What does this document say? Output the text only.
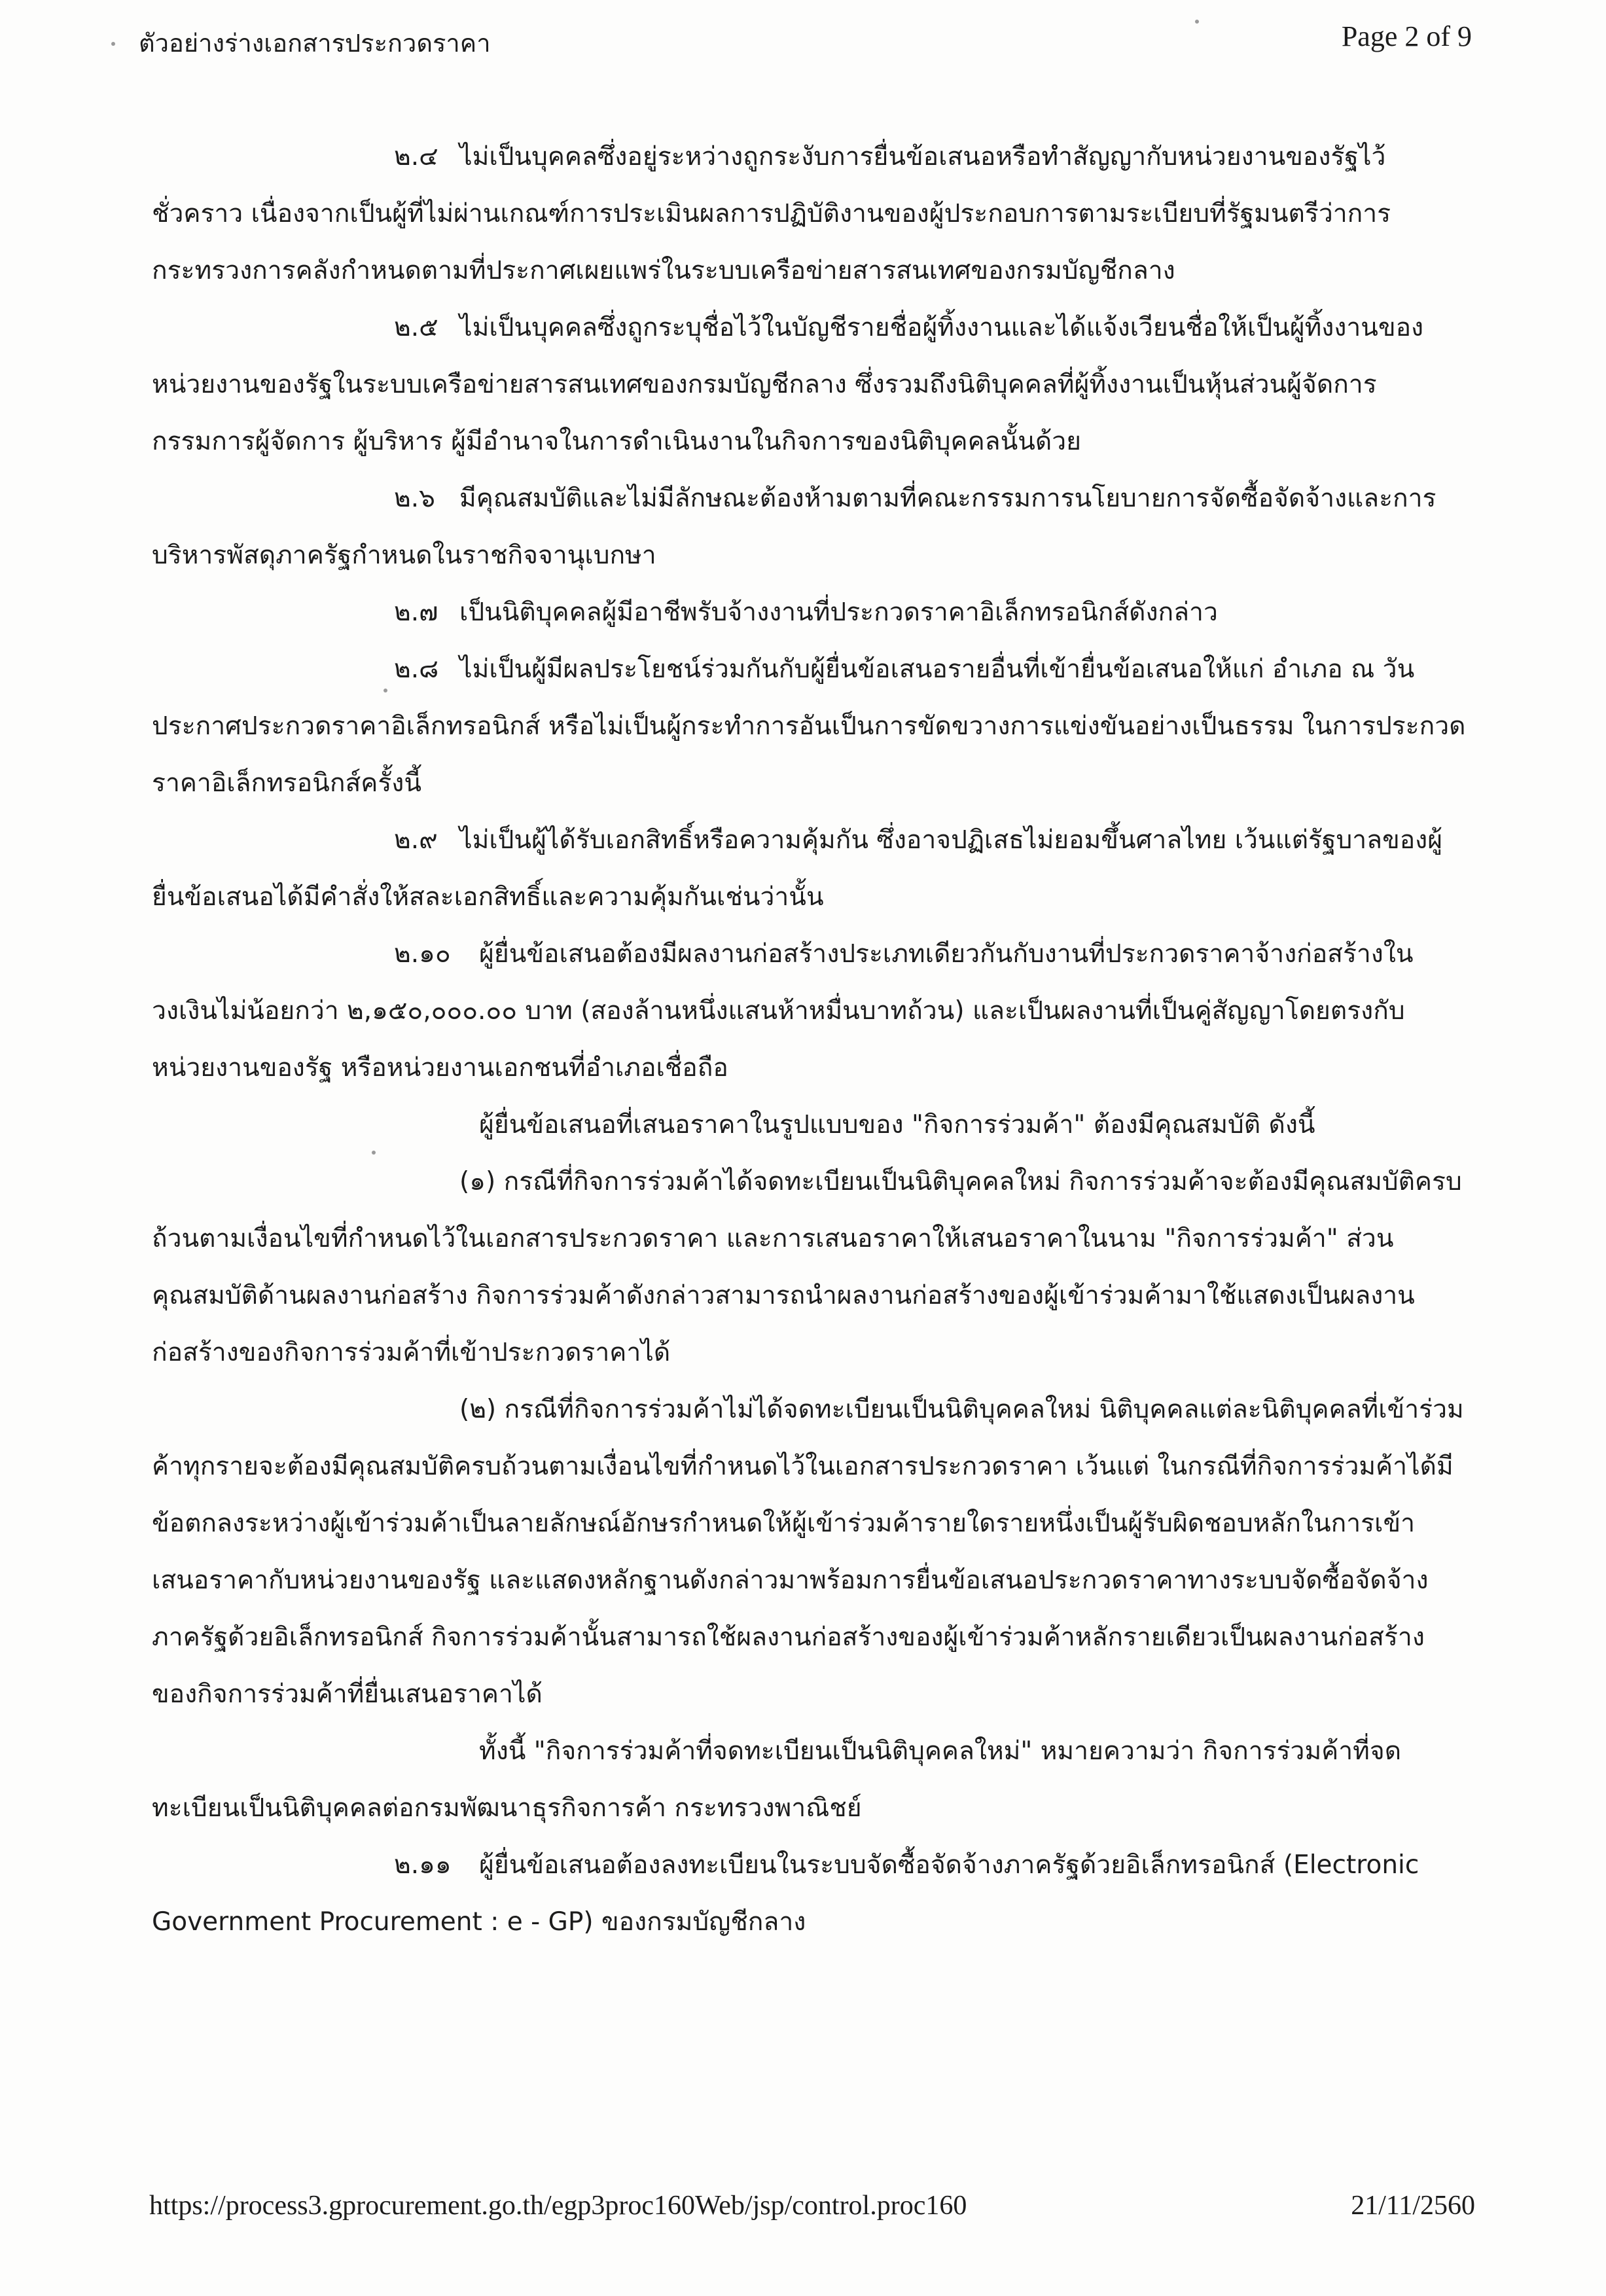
ตัวอย่างร่างเอกสารประกวดราคา	Page 2 of 9

๒.๔ ไม่เป็นบุคคลซึ่งอยู่ระหว่างถูกระงับการยื่นข้อเสนอหรือทำสัญญากับหน่วยงานของรัฐไว้ชั่วคราว เนื่องจากเป็นผู้ที่ไม่ผ่านเกณฑ์การประเมินผลการปฏิบัติงานของผู้ประกอบการตามระเบียบที่รัฐมนตรีว่าการกระทรวงการคลังกำหนดตามที่ประกาศเผยแพร่ในระบบเครือข่ายสารสนเทศของกรมบัญชีกลาง

๒.๕ ไม่เป็นบุคคลซึ่งถูกระบุชื่อไว้ในบัญชีรายชื่อผู้ทิ้งงานและได้แจ้งเวียนชื่อให้เป็นผู้ทิ้งงานของหน่วยงานของรัฐในระบบเครือข่ายสารสนเทศของกรมบัญชีกลาง ซึ่งรวมถึงนิติบุคคลที่ผู้ทิ้งงานเป็นหุ้นส่วนผู้จัดการ กรรมการผู้จัดการ ผู้บริหาร ผู้มีอำนาจในการดำเนินงานในกิจการของนิติบุคคลนั้นด้วย

๒.๖ มีคุณสมบัติและไม่มีลักษณะต้องห้ามตามที่คณะกรรมการนโยบายการจัดซื้อจัดจ้างและการบริหารพัสดุภาครัฐกำหนดในราชกิจจานุเบกษา

๒.๗ เป็นนิติบุคคลผู้มีอาชีพรับจ้างงานที่ประกวดราคาอิเล็กทรอนิกส์ดังกล่าว

๒.๘ ไม่เป็นผู้มีผลประโยชน์ร่วมกันกับผู้ยื่นข้อเสนอรายอื่นที่เข้ายื่นข้อเสนอให้แก่ อำเภอ ณ วันประกาศประกวดราคาอิเล็กทรอนิกส์ หรือไม่เป็นผู้กระทำการอันเป็นการขัดขวางการแข่งขันอย่างเป็นธรรม ในการประกวดราคาอิเล็กทรอนิกส์ครั้งนี้

๒.๙ ไม่เป็นผู้ได้รับเอกสิทธิ์หรือความคุ้มกัน ซึ่งอาจปฏิเสธไม่ยอมขึ้นศาลไทย เว้นแต่รัฐบาลของผู้ยื่นข้อเสนอได้มีคำสั่งให้สละเอกสิทธิ์และความคุ้มกันเช่นว่านั้น

๒.๑๐ ผู้ยื่นข้อเสนอต้องมีผลงานก่อสร้างประเภทเดียวกันกับงานที่ประกวดราคาจ้างก่อสร้างในวงเงินไม่น้อยกว่า ๒,๑๕๐,๐๐๐.๐๐ บาท (สองล้านหนึ่งแสนห้าหมื่นบาทถ้วน) และเป็นผลงานที่เป็นคู่สัญญาโดยตรงกับหน่วยงานของรัฐ หรือหน่วยงานเอกชนที่อำเภอเชื่อถือ

ผู้ยื่นข้อเสนอที่เสนอราคาในรูปแบบของ "กิจการร่วมค้า" ต้องมีคุณสมบัติ ดังนี้

(๑) กรณีที่กิจการร่วมค้าได้จดทะเบียนเป็นนิติบุคคลใหม่ กิจการร่วมค้าจะต้องมีคุณสมบัติครบถ้วนตามเงื่อนไขที่กำหนดไว้ในเอกสารประกวดราคา และการเสนอราคาให้เสนอราคาในนาม "กิจการร่วมค้า" ส่วนคุณสมบัติด้านผลงานก่อสร้าง กิจการร่วมค้าดังกล่าวสามารถนำผลงานก่อสร้างของผู้เข้าร่วมค้ามาใช้แสดงเป็นผลงานก่อสร้างของกิจการร่วมค้าที่เข้าประกวดราคาได้

(๒) กรณีที่กิจการร่วมค้าไม่ได้จดทะเบียนเป็นนิติบุคคลใหม่ นิติบุคคลแต่ละนิติบุคคลที่เข้าร่วมค้าทุกรายจะต้องมีคุณสมบัติครบถ้วนตามเงื่อนไขที่กำหนดไว้ในเอกสารประกวดราคา เว้นแต่ ในกรณีที่กิจการร่วมค้าได้มีข้อตกลงระหว่างผู้เข้าร่วมค้าเป็นลายลักษณ์อักษรกำหนดให้ผู้เข้าร่วมค้ารายใดรายหนึ่งเป็นผู้รับผิดชอบหลักในการเข้าเสนอราคากับหน่วยงานของรัฐ และแสดงหลักฐานดังกล่าวมาพร้อมการยื่นข้อเสนอประกวดราคาทางระบบจัดซื้อจัดจ้างภาครัฐด้วยอิเล็กทรอนิกส์ กิจการร่วมค้านั้นสามารถใช้ผลงานก่อสร้างของผู้เข้าร่วมค้าหลักรายเดียวเป็นผลงานก่อสร้างของกิจการร่วมค้าที่ยื่นเสนอราคาได้

ทั้งนี้ "กิจการร่วมค้าที่จดทะเบียนเป็นนิติบุคคลใหม่" หมายความว่า กิจการร่วมค้าที่จดทะเบียนเป็นนิติบุคคลต่อกรมพัฒนาธุรกิจการค้า กระทรวงพาณิชย์

๒.๑๑ ผู้ยื่นข้อเสนอต้องลงทะเบียนในระบบจัดซื้อจัดจ้างภาครัฐด้วยอิเล็กทรอนิกส์ (Electronic Government Procurement : e - GP) ของกรมบัญชีกลาง

https://process3.gprocurement.go.th/egp3proc160Web/jsp/control.proc160	21/11/2560
